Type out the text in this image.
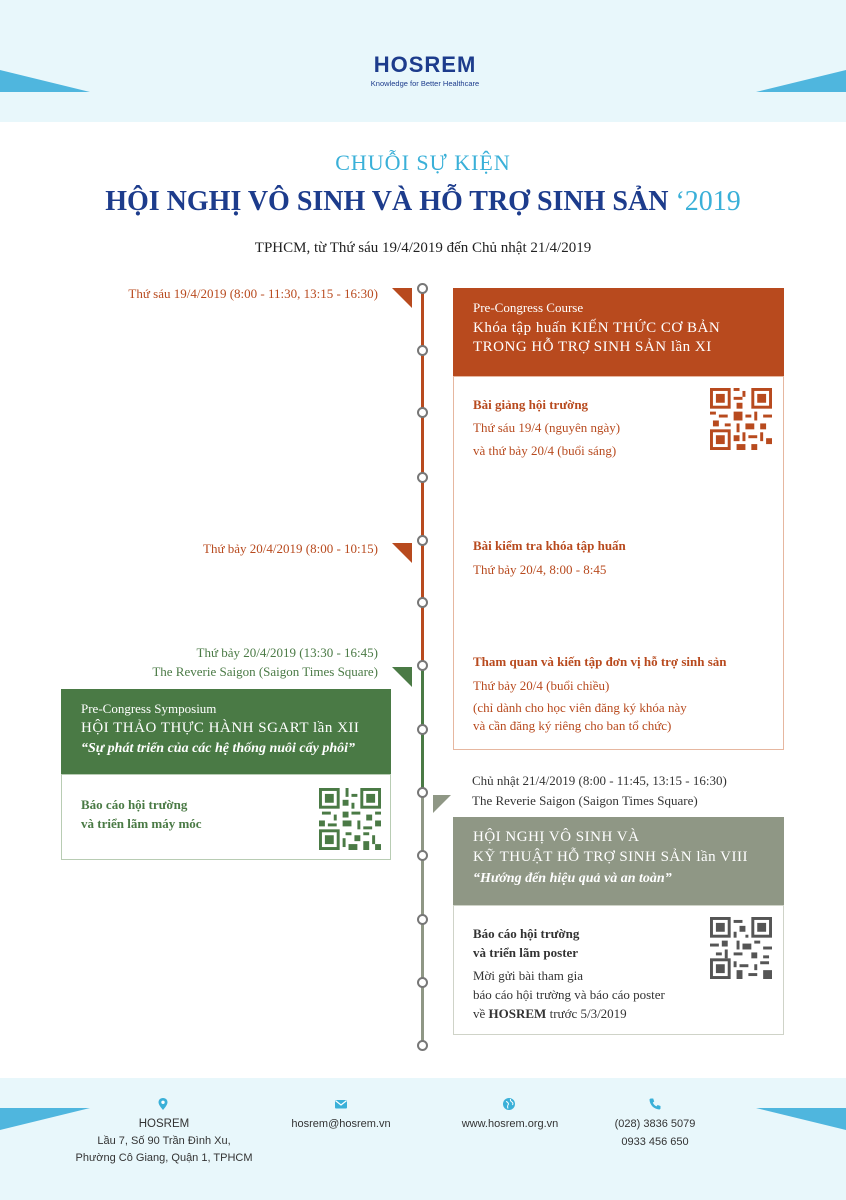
HOSREM
Knowledge for Better Healthcare
CHUỖI SỰ KIỆN
HỘI NGHỊ VÔ SINH VÀ HỖ TRỢ SINH SẢN ‘2019
TPHCM, từ Thứ sáu 19/4/2019 đến Chủ nhật 21/4/2019
Thứ sáu 19/4/2019 (8:00 - 11:30, 13:15 - 16:30)
Thứ bảy 20/4/2019 (8:00 - 10:15)
Thứ bảy 20/4/2019 (13:30 - 16:45)
The Reverie Saigon (Saigon Times Square)
Chủ nhật 21/4/2019 (8:00 - 11:45, 13:15 - 16:30)
The Reverie Saigon (Saigon Times Square)
Pre-Congress Course
Khóa tập huấn KIẾN THỨC CƠ BẢN
TRONG HỖ TRỢ SINH SẢN lần XI
Bài giảng hội trường
Thứ sáu 19/4 (nguyên ngày)
và thứ bảy 20/4 (buổi sáng)
Bài kiểm tra khóa tập huấn
Thứ bảy 20/4, 8:00 - 8:45
Tham quan và kiến tập đơn vị hỗ trợ sinh sản
Thứ bảy 20/4 (buổi chiều)
(chỉ dành cho học viên đăng ký khóa này
và cần đăng ký riêng cho ban tổ chức)
Pre-Congress Symposium
HỘI THẢO THỰC HÀNH SGART lần XII
“Sự phát triển của các hệ thống nuôi cấy phôi”
Báo cáo hội trường
và triển lãm máy móc
HỘI NGHỊ VÔ SINH VÀ
KỸ THUẬT HỖ TRỢ SINH SẢN lần VIII
“Hướng đến hiệu quả và an toàn”
Báo cáo hội trường
và triển lãm poster
Mời gửi bài tham gia
báo cáo hội trường và báo cáo poster
về HOSREM trước 5/3/2019
HOSREM
Lầu 7, Số 90 Trần Đình Xu,
Phường Cô Giang, Quận 1, TPHCM
hosrem@hosrem.vn	www.hosrem.org.vn	(028) 3836 5079
0933 456 650
